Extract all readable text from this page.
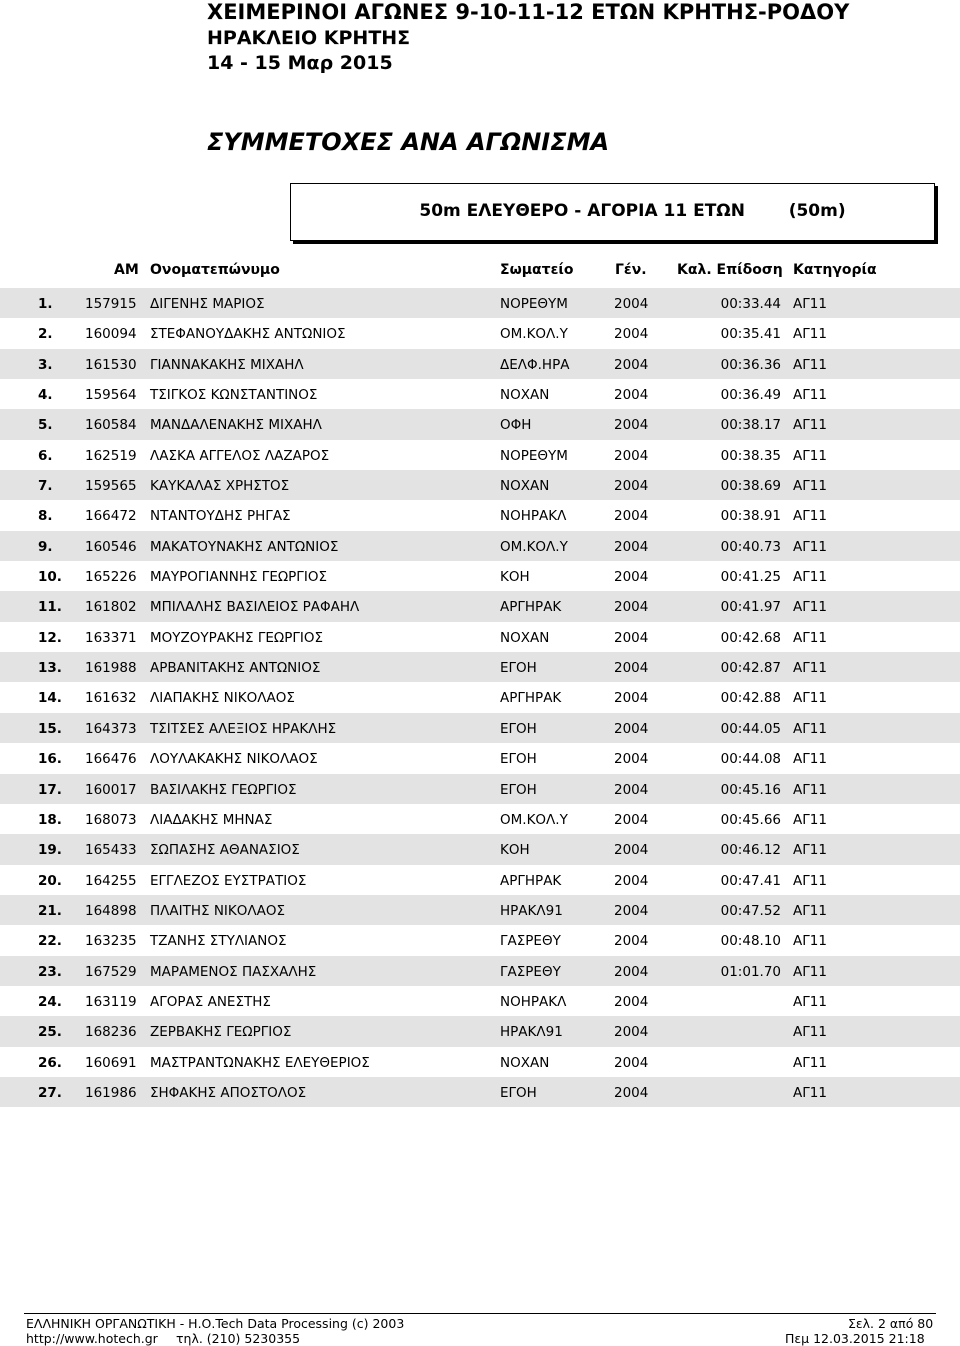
ΧΕΙΜΕΡΙΝΟΙ ΑΓΩΝΕΣ 9-10-11-12 ΕΤΩΝ ΚΡΗΤΗΣ-ΡΟΔΟΥ
ΗΡΑΚΛΕΙΟ ΚΡΗΤΗΣ
14 - 15 Μαρ 2015
ΣΥΜΜΕΤΟΧΕΣ ΑΝΑ ΑΓΩΝΙΣΜΑ
50m ΕΛΕΥΘΕΡΟ - ΑΓΟΡΙΑ 11 ΕΤΩΝ	(50m)
ΑΜ Ονοματεπώνυμο	Σωματείο	Γέν. Καλ. Επίδοση Κατηγορία
1. 157915 ΔΙΓΕΝΗΣ ΜΑΡΙΟΣ	ΝΟΡΕΘΥΜ	2004	00:33.44 ΑΓ11
2. 160094 ΣΤΕΦΑΝΟΥΔΑΚΗΣ ΑΝΤΩΝΙΟΣ	ΟΜ.ΚΟΛ.Υ	2004	00:35.41 ΑΓ11
3. 161530 ΓΙΑΝΝΑΚΑΚΗΣ ΜΙΧΑΗΛ	ΔΕΛΦ.ΗΡΑ	2004	00:36.36 ΑΓ11
4. 159564 ΤΣΙΓΚΟΣ ΚΩΝΣΤΑΝΤΙΝΟΣ	ΝΟΧΑΝ	2004	00:36.49 ΑΓ11
5. 160584 ΜΑΝΔΑΛΕΝΑΚΗΣ ΜΙΧΑΗΛ	ΟΦΗ	2004	00:38.17 ΑΓ11
6. 162519 ΛΑΣΚΑ ΑΓΓΕΛΟΣ ΛΑΖΑΡΟΣ	ΝΟΡΕΘΥΜ	2004	00:38.35 ΑΓ11
7. 159565 ΚΑΥΚΑΛΑΣ ΧΡΗΣΤΟΣ	ΝΟΧΑΝ	2004	00:38.69 ΑΓ11
8. 166472 ΝΤΑΝΤΟΥΔΗΣ ΡΗΓΑΣ	ΝΟΗΡΑΚΛ	2004	00:38.91 ΑΓ11
9. 160546 ΜΑΚΑΤΟΥΝΑΚΗΣ ΑΝΤΩΝΙΟΣ	ΟΜ.ΚΟΛ.Υ	2004	00:40.73 ΑΓ11
10. 165226 ΜΑΥΡΟΓΙΑΝΝΗΣ ΓΕΩΡΓΙΟΣ	ΚΟΗ	2004	00:41.25 ΑΓ11
11. 161802 ΜΠΙΛΑΛΗΣ ΒΑΣΙΛΕΙΟΣ ΡΑΦΑΗΛ	ΑΡΓΗΡΑΚ	2004	00:41.97 ΑΓ11
12. 163371 ΜΟΥΖΟΥΡΑΚΗΣ ΓΕΩΡΓΙΟΣ	ΝΟΧΑΝ	2004	00:42.68 ΑΓ11
13. 161988 ΑΡΒΑΝΙΤΑΚΗΣ ΑΝΤΩΝΙΟΣ	ΕΓΟΗ	2004	00:42.87 ΑΓ11
14. 161632 ΛΙΑΠΑΚΗΣ ΝΙΚΟΛΑΟΣ	ΑΡΓΗΡΑΚ	2004	00:42.88 ΑΓ11
15. 164373 ΤΣΙΤΣΕΣ ΑΛΕΞΙΟΣ ΗΡΑΚΛΗΣ	ΕΓΟΗ	2004	00:44.05 ΑΓ11
16. 166476 ΛΟΥΛΑΚΑΚΗΣ ΝΙΚΟΛΑΟΣ	ΕΓΟΗ	2004	00:44.08 ΑΓ11
17. 160017 ΒΑΣΙΛΑΚΗΣ ΓΕΩΡΓΙΟΣ	ΕΓΟΗ	2004	00:45.16 ΑΓ11
18. 168073 ΛΙΑΔΑΚΗΣ ΜΗΝΑΣ	ΟΜ.ΚΟΛ.Υ	2004	00:45.66 ΑΓ11
19. 165433 ΣΩΠΑΣΗΣ ΑΘΑΝΑΣΙΟΣ	ΚΟΗ	2004	00:46.12 ΑΓ11
20. 164255 ΕΓΓΛΕΖΟΣ ΕΥΣΤΡΑΤΙΟΣ	ΑΡΓΗΡΑΚ	2004	00:47.41 ΑΓ11
21. 164898 ΠΛΑΙΤΗΣ ΝΙΚΟΛΑΟΣ	ΗΡΑΚΛ91	2004	00:47.52 ΑΓ11
22. 163235 ΤΖΑΝΗΣ ΣΤΥΛΙΑΝΟΣ	ΓΑΣΡΕΘΥ	2004	00:48.10 ΑΓ11
23. 167529 ΜΑΡΑΜΕΝΟΣ ΠΑΣΧΑΛΗΣ	ΓΑΣΡΕΘΥ	2004	01:01.70 ΑΓ11
24. 163119 ΑΓΟΡΑΣ ΑΝΕΣΤΗΣ	ΝΟΗΡΑΚΛ	2004	ΑΓ11
25. 168236 ΖΕΡΒΑΚΗΣ ΓΕΩΡΓΙΟΣ	ΗΡΑΚΛ91	2004	ΑΓ11
26. 160691 ΜΑΣΤΡΑΝΤΩΝΑΚΗΣ ΕΛΕΥΘΕΡΙΟΣ	ΝΟΧΑΝ	2004	ΑΓ11
27. 161986 ΣΗΦΑΚΗΣ ΑΠΟΣΤΟΛΟΣ	ΕΓΟΗ	2004	ΑΓ11
ΕΛΛΗΝΙΚΗ ΟΡΓΑΝΩΤΙΚΗ - Η.Ο.Tech Data Processing (c) 2003
http://www.hotech.gr τηλ. (210) 5230355
Σελ. 2 από 80
Πεμ 12.03.2015 21:18
